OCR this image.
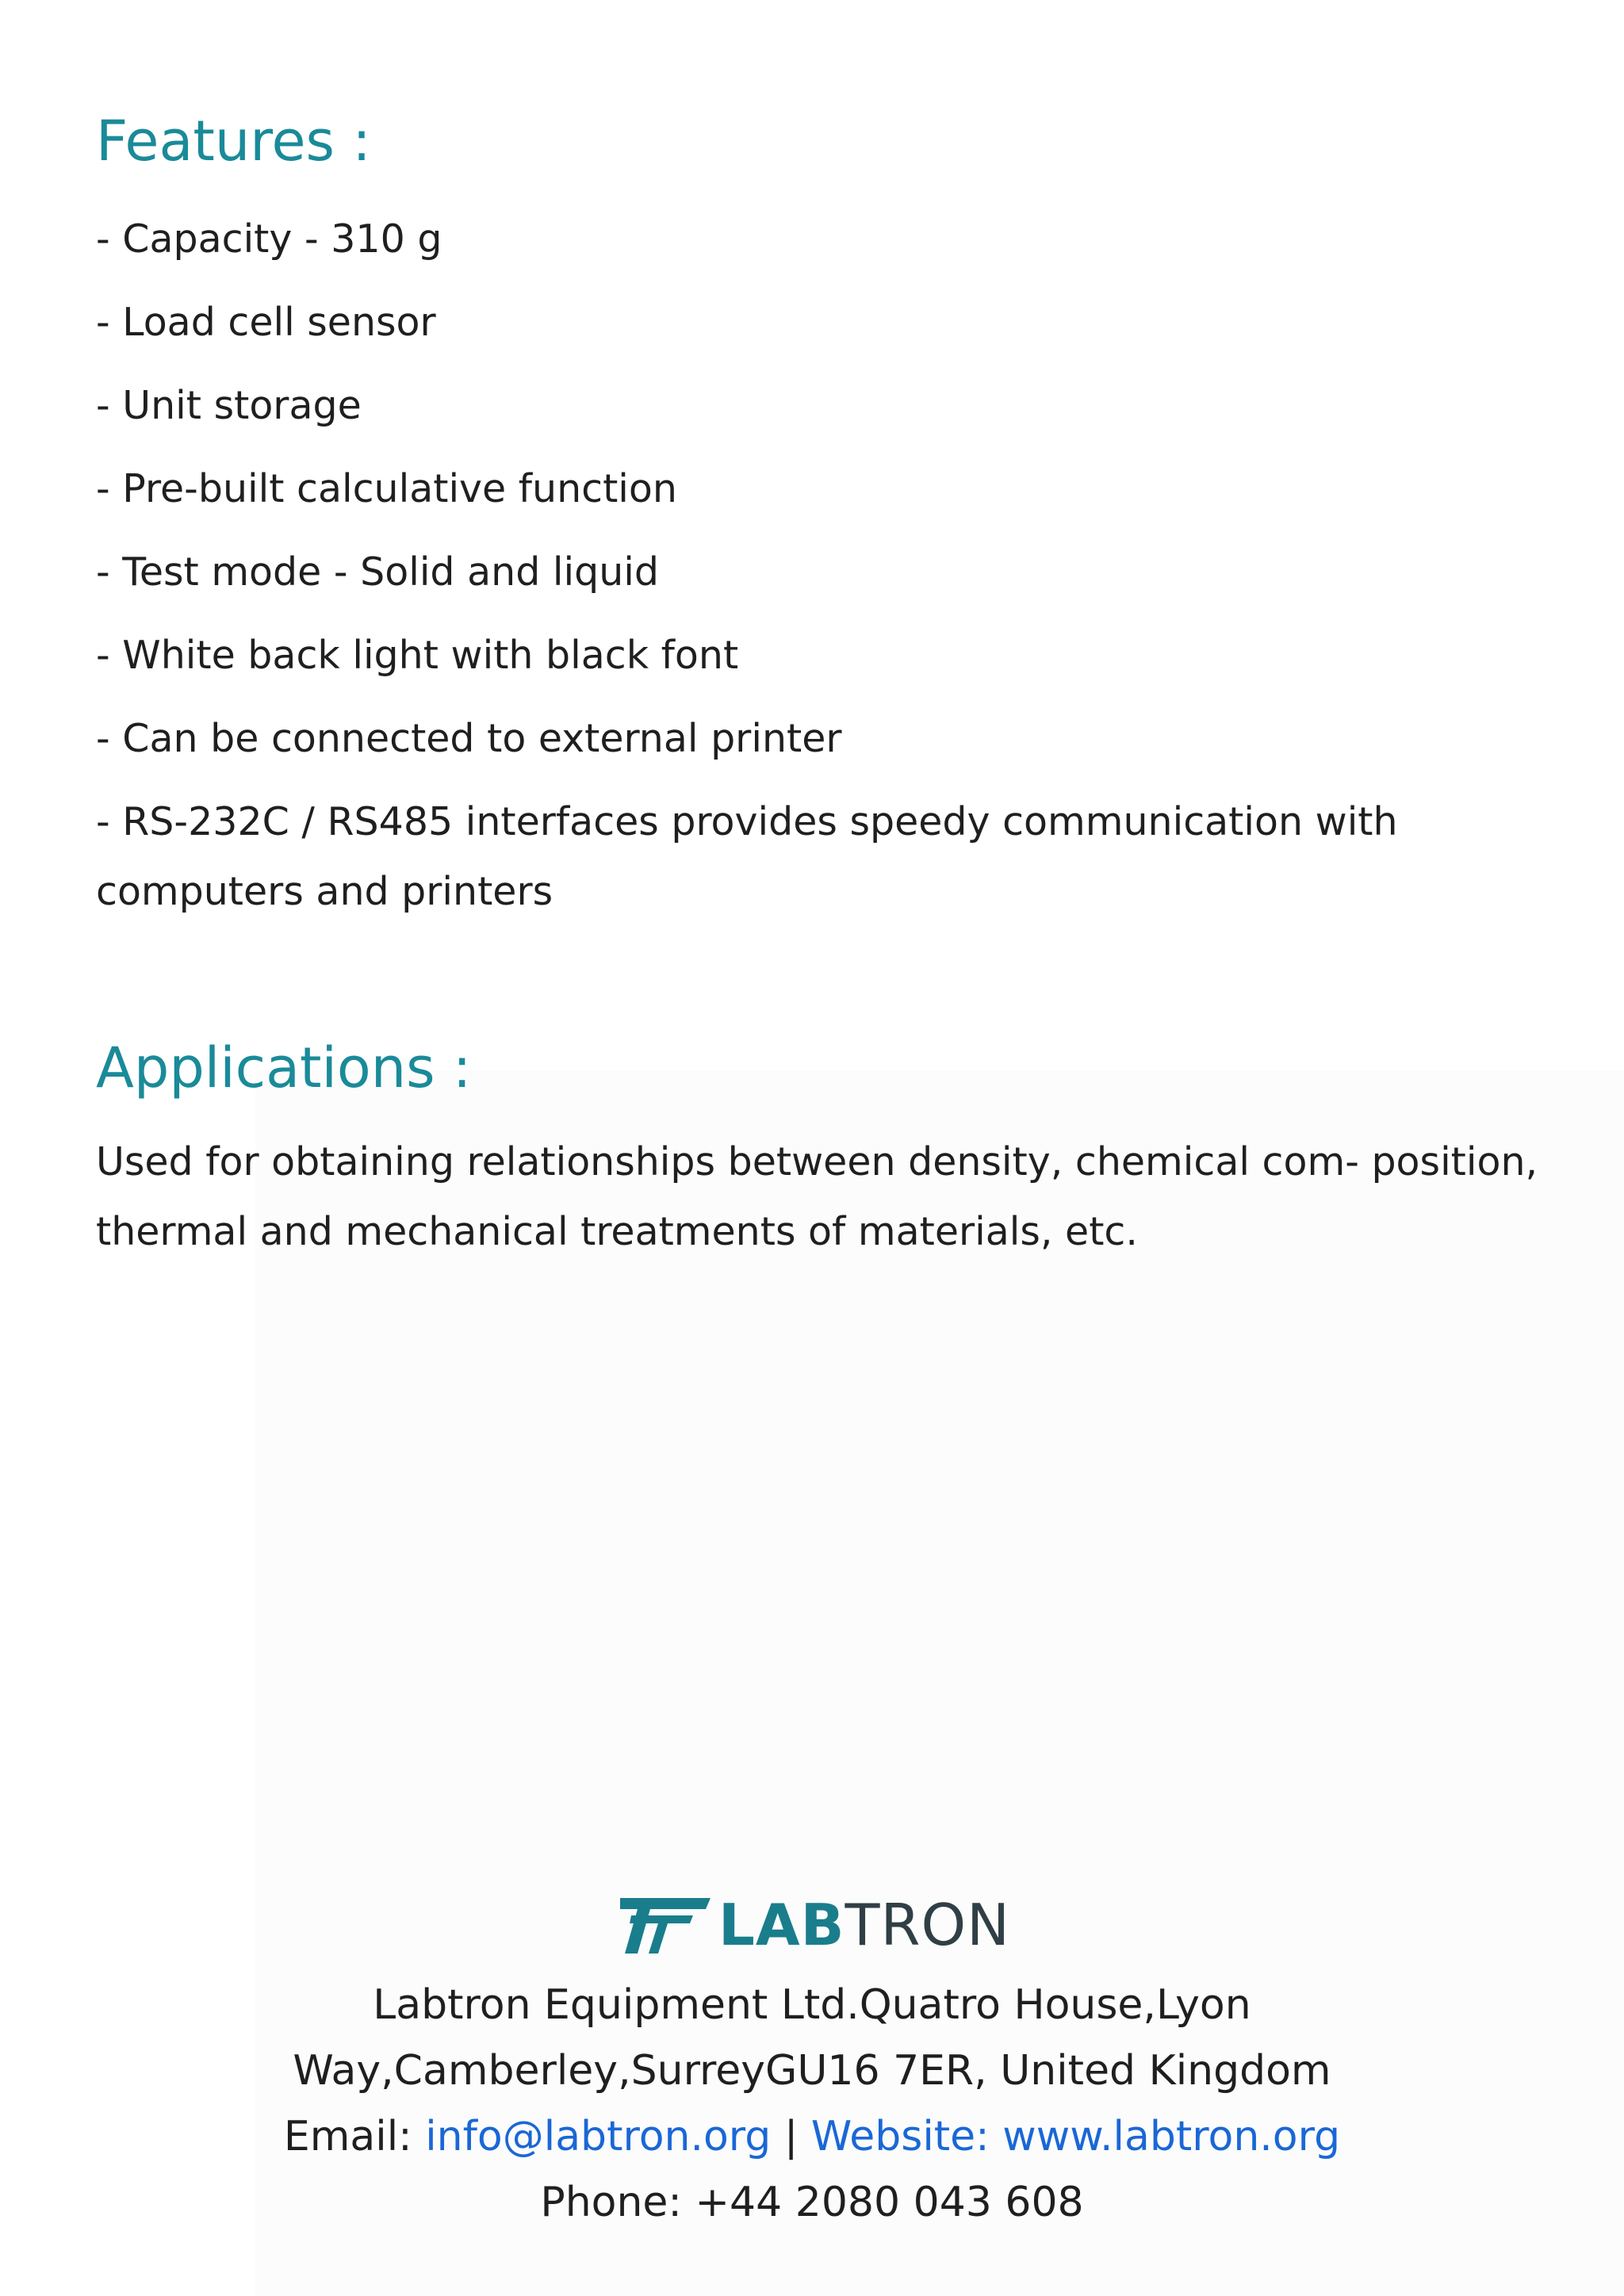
Features :
- Capacity - 310 g
- Load cell sensor
- Unit storage
- Pre-built calculative function
- Test mode - Solid and liquid
- White back light with black font
- Can be connected to external printer
- RS-232C / RS485 interfaces provides speedy communication with computers and printers
Applications :

Used for obtaining relationships between density, chemical com- position, thermal and mechanical treatments of materials, etc.

LABTRON

Labtron Equipment Ltd.Quatro House,Lyon

Way,Camberley,SurreyGU16 7ER, United Kingdom

Email: info@labtron.org | Website: www.labtron.org

Phone: +44 2080 043 608
